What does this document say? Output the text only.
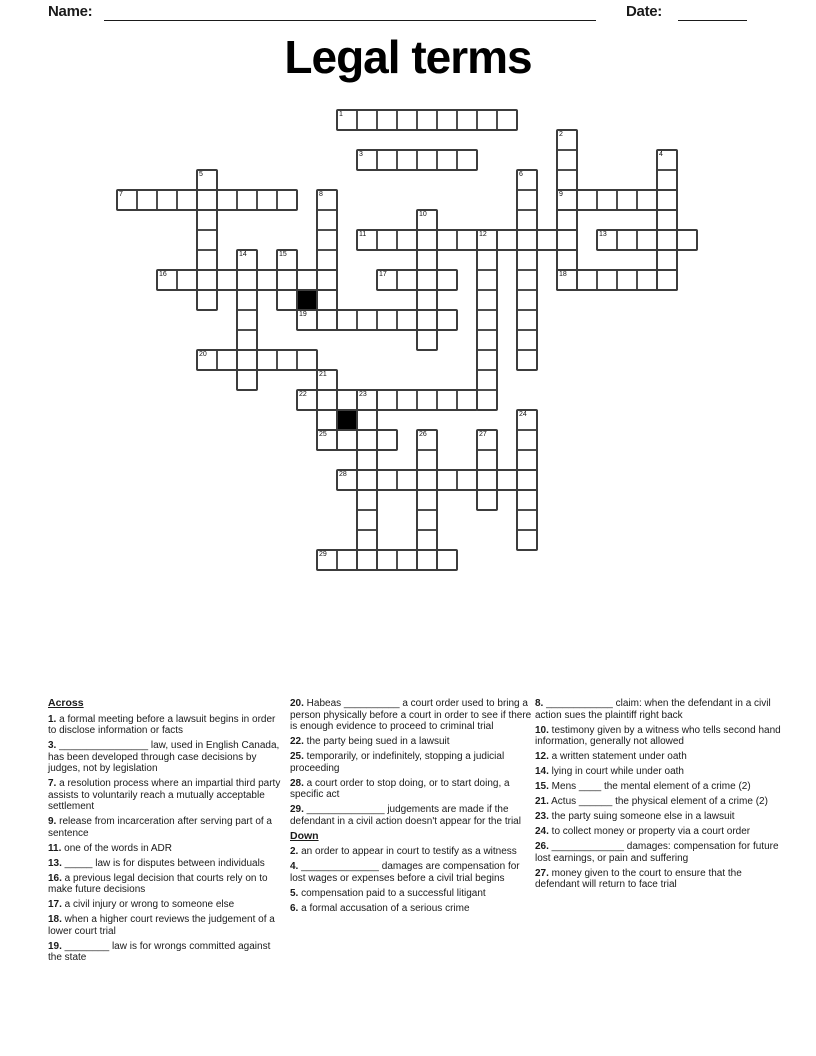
Name:	Date:
Legal terms
1
2
3	4
5	6
7	8	9
10
11	12	13
14	15
16	17	18
19
20
21
22	23
24
25	26	27
28
29
Across

1. a formal meeting before a lawsuit begins in order to disclose information or facts

3. ________________ law, used in English Canada, has been developed through case decisions by judges, not by legislation

7. a resolution process where an impartial third party assists to voluntarily reach a mutually acceptable settlement

9. release from incarceration after serving part of a sentence

11. one of the words in ADR

13. _____ law is for disputes between individuals

16. a previous legal decision that courts rely on to make future decisions

17. a civil injury or wrong to someone else

18. when a higher court reviews the judgement of a lower court trial

19. ________ law is for wrongs committed against the state

20. Habeas __________ a court order used to bring a person physically before a court in order to see if there is enough evidence to proceed to criminal trial

22. the party being sued in a lawsuit

25. temporarily, or indefinitely, stopping a judicial proceeding

28. a court order to stop doing, or to start doing, a specific act

29. ______________ judgements are made if the defendant in a civil action doesn't appear for the trial

Down

2. an order to appear in court to testify as a witness

4. ______________ damages are compensation for lost wages or expenses before a civil trial begins

5. compensation paid to a successful litigant

6. a formal accusation of a serious crime

8. ____________ claim: when the defendant in a civil action sues the plaintiff right back

10. testimony given by a witness who tells second hand information, generally not allowed

12. a written statement under oath

14. lying in court while under oath

15. Mens ____ the mental element of a crime (2)

21. Actus ______ the physical element of a crime (2)

23. the party suing someone else in a lawsuit

24. to collect money or property via a court order

26. _____________ damages: compensation for future lost earnings, or pain and suffering

27. money given to the court to ensure that the defendant will return to face trial
